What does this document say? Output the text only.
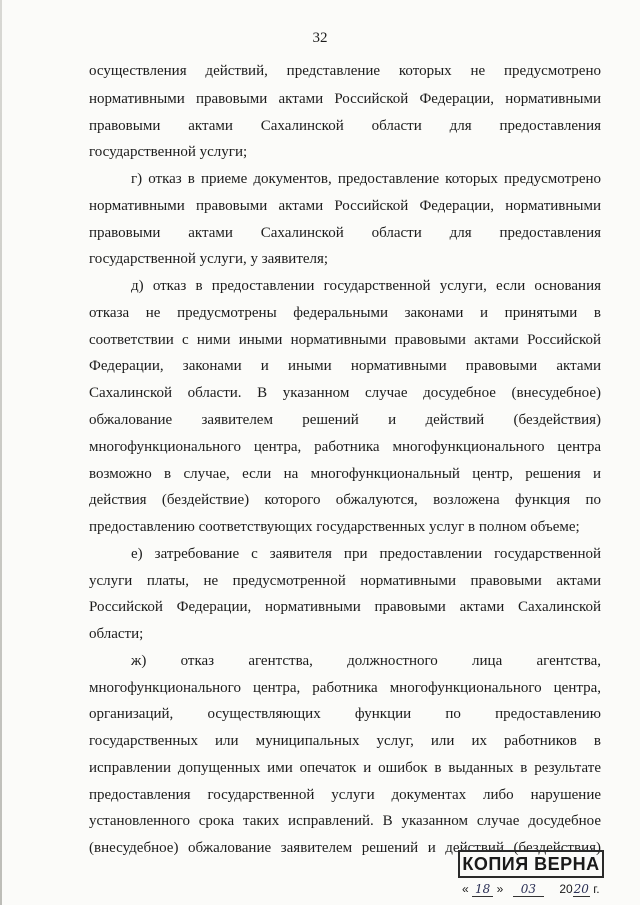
32
осуществления действий, представление которых не предусмотрено
нормативными правовыми актами Российской Федерации, нормативными
правовыми актами Сахалинской области для предоставления
государственной услуги;
г) отказ в приеме документов, предоставление которых предусмотрено
нормативными правовыми актами Российской Федерации, нормативными
правовыми актами Сахалинской области для предоставления
государственной услуги, у заявителя;
д) отказ в предоставлении государственной услуги, если основания
отказа не предусмотрены федеральными законами и принятыми в
соответствии с ними иными нормативными правовыми актами Российской
Федерации, законами и иными нормативными правовыми актами
Сахалинской области. В указанном случае досудебное (внесудебное)
обжалование заявителем решений и действий (бездействия)
многофункционального центра, работника многофункционального центра
возможно в случае, если на многофункциональный центр, решения и
действия (бездействие) которого обжалуются, возложена функция по
предоставлению соответствующих государственных услуг в полном объеме;
е) затребование с заявителя при предоставлении государственной
услуги платы, не предусмотренной нормативными правовыми актами
Российской Федерации, нормативными правовыми актами Сахалинской
области;
ж) отказ агентства, должностного лица агентства,
многофункционального центра, работника многофункционального центра,
организаций, осуществляющих функции по предоставлению
государственных или муниципальных услуг, или их работников в
исправлении допущенных ими опечаток и ошибок в выданных в результате
предоставления государственной услуги документах либо нарушение
установленного срока таких исправлений. В указанном случае досудебное
(внесудебное) обжалование заявителем решений и действий (бездействия)
КОПИЯ ВЕРНА
« 18 » 03 2020 г.
